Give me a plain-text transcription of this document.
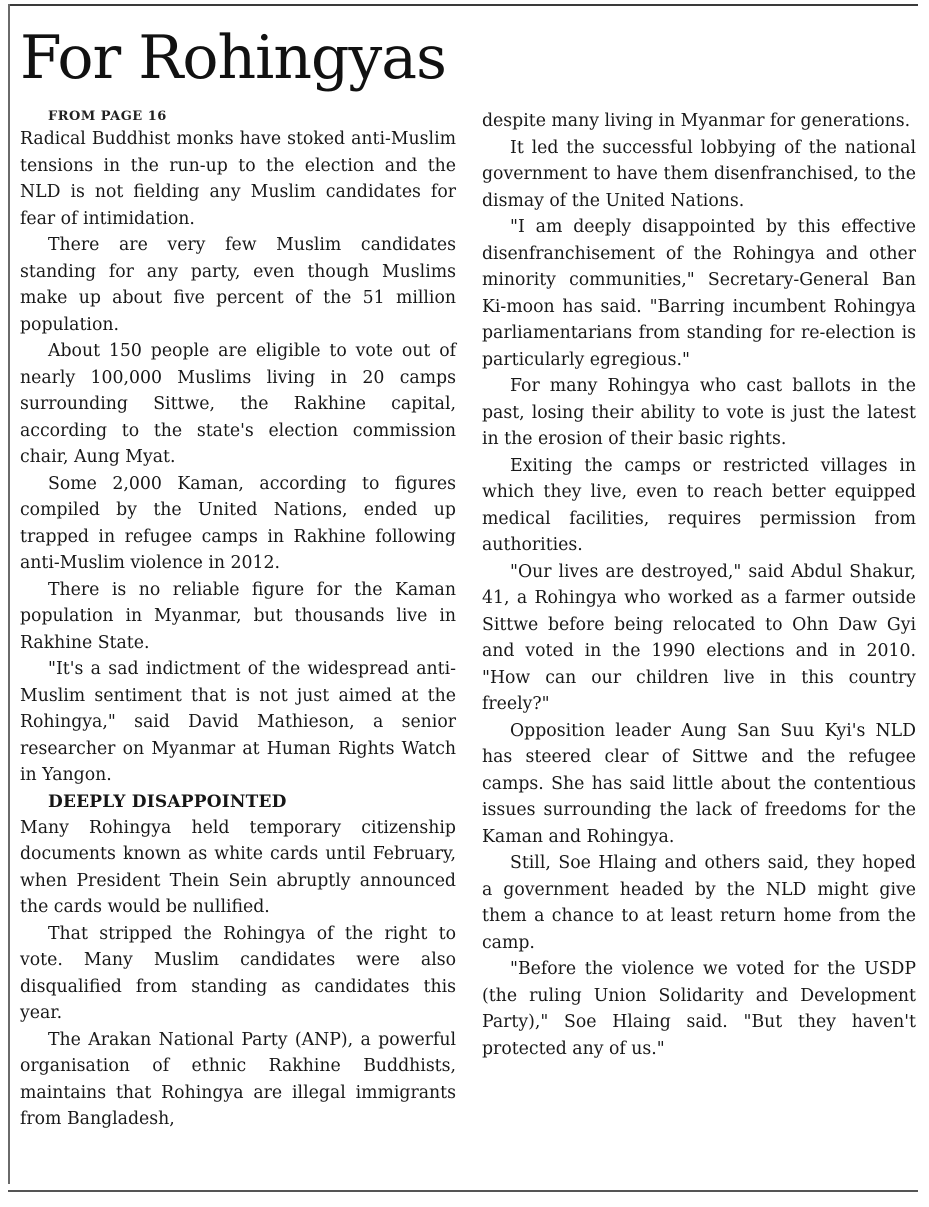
For Rohingyas

FROM PAGE 16

Radical Buddhist monks have stoked anti-Muslim tensions in the run-up to the election and the NLD is not fielding any Muslim candidates for fear of intimidation.

There are very few Muslim candidates standing for any party, even though Muslims make up about five percent of the 51 million population.

About 150 people are eligible to vote out of nearly 100,000 Muslims living in 20 camps surrounding Sittwe, the Rakhine capital, according to the state's election commission chair, Aung Myat.

Some 2,000 Kaman, according to figures compiled by the United Nations, ended up trapped in refugee camps in Rakhine following anti-Muslim violence in 2012.

There is no reliable figure for the Kaman population in Myanmar, but thousands live in Rakhine State.

"It's a sad indictment of the widespread anti-Muslim sentiment that is not just aimed at the Rohingya," said David Mathieson, a senior researcher on Myanmar at Human Rights Watch in Yangon.

DEEPLY DISAPPOINTED

Many Rohingya held temporary citizenship documents known as white cards until February, when President Thein Sein abruptly announced the cards would be nullified.

That stripped the Rohingya of the right to vote. Many Muslim candidates were also disqualified from standing as candidates this year.

The Arakan National Party (ANP), a powerful organisation of ethnic Rakhine Buddhists, maintains that Rohingya are illegal immigrants from Bangladesh,

despite many living in Myanmar for generations.

It led the successful lobbying of the national government to have them disenfranchised, to the dismay of the United Nations.

"I am deeply disappointed by this effective disenfranchisement of the Rohingya and other minority communities," Secretary-General Ban Ki-moon has said. "Barring incumbent Rohingya parliamentarians from standing for re-election is particularly egregious."

For many Rohingya who cast ballots in the past, losing their ability to vote is just the latest in the erosion of their basic rights.

Exiting the camps or restricted villages in which they live, even to reach better equipped medical facilities, requires permission from authorities.

"Our lives are destroyed," said Abdul Shakur, 41, a Rohingya who worked as a farmer outside Sittwe before being relocated to Ohn Daw Gyi and voted in the 1990 elections and in 2010. "How can our children live in this country freely?"

Opposition leader Aung San Suu Kyi's NLD has steered clear of Sittwe and the refugee camps. She has said little about the contentious issues surrounding the lack of freedoms for the Kaman and Rohingya.

Still, Soe Hlaing and others said, they hoped a government headed by the NLD might give them a chance to at least return home from the camp.

"Before the violence we voted for the USDP (the ruling Union Solidarity and Development Party)," Soe Hlaing said. "But they haven't protected any of us."
